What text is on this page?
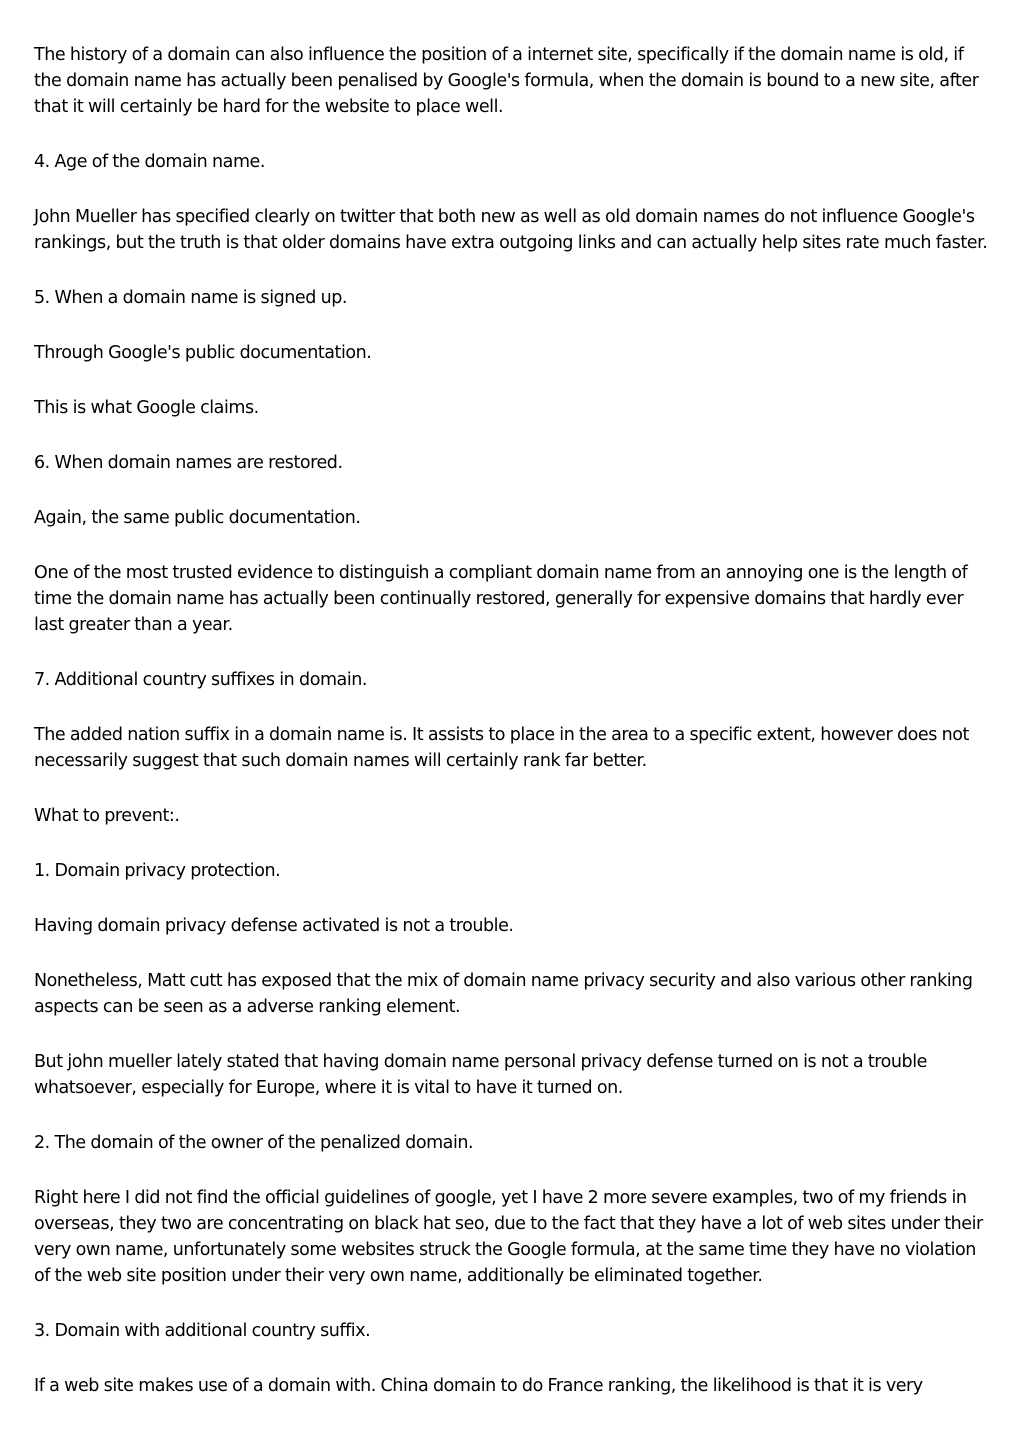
The history of a domain can also influence the position of a internet site, specifically if the domain name is old, if the domain name has actually been penalised by Google's formula, when the domain is bound to a new site, after that it will certainly be hard for the website to place well.

4. Age of the domain name.

John Mueller has specified clearly on twitter that both new as well as old domain names do not influence Google's rankings, but the truth is that older domains have extra outgoing links and can actually help sites rate much faster.

5. When a domain name is signed up.

Through Google's public documentation.

This is what Google claims.

6. When domain names are restored.

Again, the same public documentation.

One of the most trusted evidence to distinguish a compliant domain name from an annoying one is the length of time the domain name has actually been continually restored, generally for expensive domains that hardly ever last greater than a year.

7. Additional country suffixes in domain.

The added nation suffix in a domain name is. It assists to place in the area to a specific extent, however does not necessarily suggest that such domain names will certainly rank far better.

What to prevent:.

1. Domain privacy protection.

Having domain privacy defense activated is not a trouble.

Nonetheless, Matt cutt has exposed that the mix of domain name privacy security and also various other ranking aspects can be seen as a adverse ranking element.

But john mueller lately stated that having domain name personal privacy defense turned on is not a trouble whatsoever, especially for Europe, where it is vital to have it turned on.

2. The domain of the owner of the penalized domain.

Right here I did not find the official guidelines of google, yet I have 2 more severe examples, two of my friends in overseas, they two are concentrating on black hat seo, due to the fact that they have a lot of web sites under their very own name, unfortunately some websites struck the Google formula, at the same time they have no violation of the web site position under their very own name, additionally be eliminated together.

3. Domain with additional country suffix.

If a web site makes use of a domain with. China domain to do France ranking, the likelihood is that it is very
